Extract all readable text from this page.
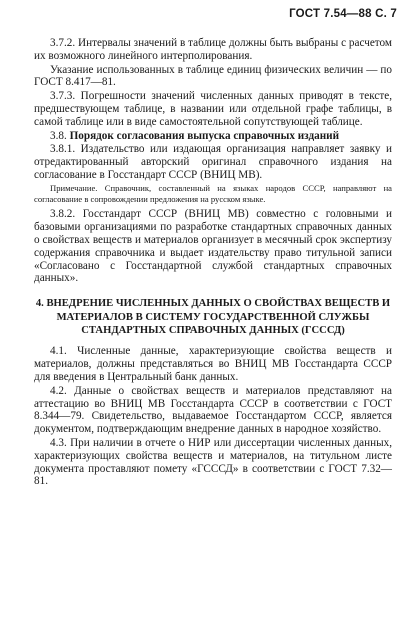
ГОСТ 7.54—88 С. 7

3.7.2. Интервалы значений в таблице должны быть выбраны с расчетом их возможного линейного интерполирования.

Указание использованных в таблице единиц физических величин — по ГОСТ 8.417—81.

3.7.3. Погрешности значений численных данных приводят в тексте, предшествующем таблице, в названии или отдельной графе таблицы, в самой таблице или в виде самостоятельной сопутствующей таблице.

3.8. Порядок согласования выпуска справочных изданий

3.8.1. Издательство или издающая организация направляет заявку и отредактированный авторский оригинал справочного издания на согласование в Госстандарт СССР (ВНИЦ МВ).

Примечание. Справочник, составленный на языках народов СССР, направляют на согласование в сопровождении предложения на русском языке.

3.8.2. Госстандарт СССР (ВНИЦ МВ) совместно с головными и базовыми организациями по разработке стандартных справочных данных о свойствах веществ и материалов организует в месячный срок экспертизу содержания справочника и выдает издательству право титульной записи «Согласовано с Госстандартной службой стандартных справочных данных».

4. ВНЕДРЕНИЕ ЧИСЛЕННЫХ ДАННЫХ О СВОЙСТВАХ ВЕЩЕСТВ И МАТЕРИАЛОВ В СИСТЕМУ ГОСУДАРСТВЕННОЙ СЛУЖБЫ СТАНДАРТНЫХ СПРАВОЧНЫХ ДАННЫХ (ГСССД)

4.1. Численные данные, характеризующие свойства веществ и материалов, должны представляться во ВНИЦ МВ Госстандарта СССР для введения в Центральный банк данных.

4.2. Данные о свойствах веществ и материалов представляют на аттестацию во ВНИЦ МВ Госстандарта СССР в соответствии с ГОСТ 8.344—79. Свидетельство, выдаваемое Госстандартом СССР, является документом, подтверждающим внедрение данных в народное хозяйство.

4.3. При наличии в отчете о НИР или диссертации численных данных, характеризующих свойства веществ и материалов, на титульном листе документа проставляют помету «ГСССД» в соответствии с ГОСТ 7.32—81.
